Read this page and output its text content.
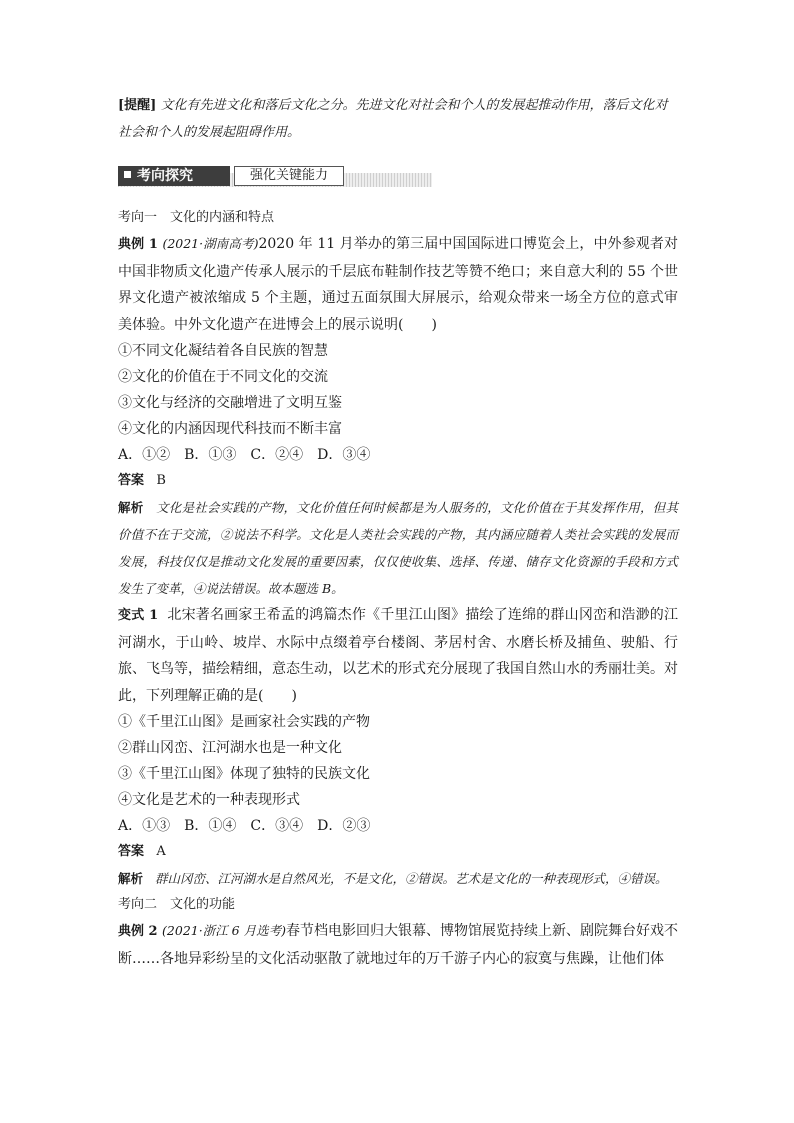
[提醒] 文化有先进文化和落后文化之分。先进文化对社会和个人的发展起推动作用，落后文化对社会和个人的发展起阻碍作用。

考向探究	强化关键能力

考向一　文化的内涵和特点

典例 1 (2021·湖南高考)2020 年 11 月举办的第三届中国国际进口博览会上，中外参观者对中国非物质文化遗产传承人展示的千层底布鞋制作技艺等赞不绝口；来自意大利的 55 个世界文化遗产被浓缩成 5 个主题，通过五面氛围大屏展示，给观众带来一场全方位的意式审美体验。中外文化遗产在进博会上的展示说明(　　)

①不同文化凝结着各自民族的智慧

②文化的价值在于不同文化的交流

③文化与经济的交融增进了文明互鉴

④文化的内涵因现代科技而不断丰富

A．①②　B．①③　C．②④　D．③④

答案 B

解析 文化是社会实践的产物，文化价值任何时候都是为人服务的，文化价值在于其发挥作用，但其价值不在于交流，②说法不科学。文化是人类社会实践的产物，其内涵应随着人类社会实践的发展而发展，科技仅仅是推动文化发展的重要因素，仅仅使收集、选择、传递、储存文化资源的手段和方式发生了变革，④说法错误。故本题选 B。

变式 1 北宋著名画家王希孟的鸿篇杰作《千里江山图》描绘了连绵的群山冈峦和浩渺的江河湖水，于山岭、坡岸、水际中点缀着亭台楼阁、茅居村舍、水磨长桥及捕鱼、驶船、行旅、飞鸟等，描绘精细，意态生动，以艺术的形式充分展现了我国自然山水的秀丽壮美。对此，下列理解正确的是(　　)

①《千里江山图》是画家社会实践的产物

②群山冈峦、江河湖水也是一种文化

③《千里江山图》体现了独特的民族文化

④文化是艺术的一种表现形式

A．①③　B．①④　C．③④　D．②③

答案 A

解析 群山冈峦、江河湖水是自然风光，不是文化，②错误。艺术是文化的一种表现形式，④错误。

考向二　文化的功能

典例 2 (2021·浙江 6 月选考)春节档电影回归大银幕、博物馆展览持续上新、剧院舞台好戏不断……各地异彩纷呈的文化活动驱散了就地过年的万千游子内心的寂寞与焦躁，让他们体
